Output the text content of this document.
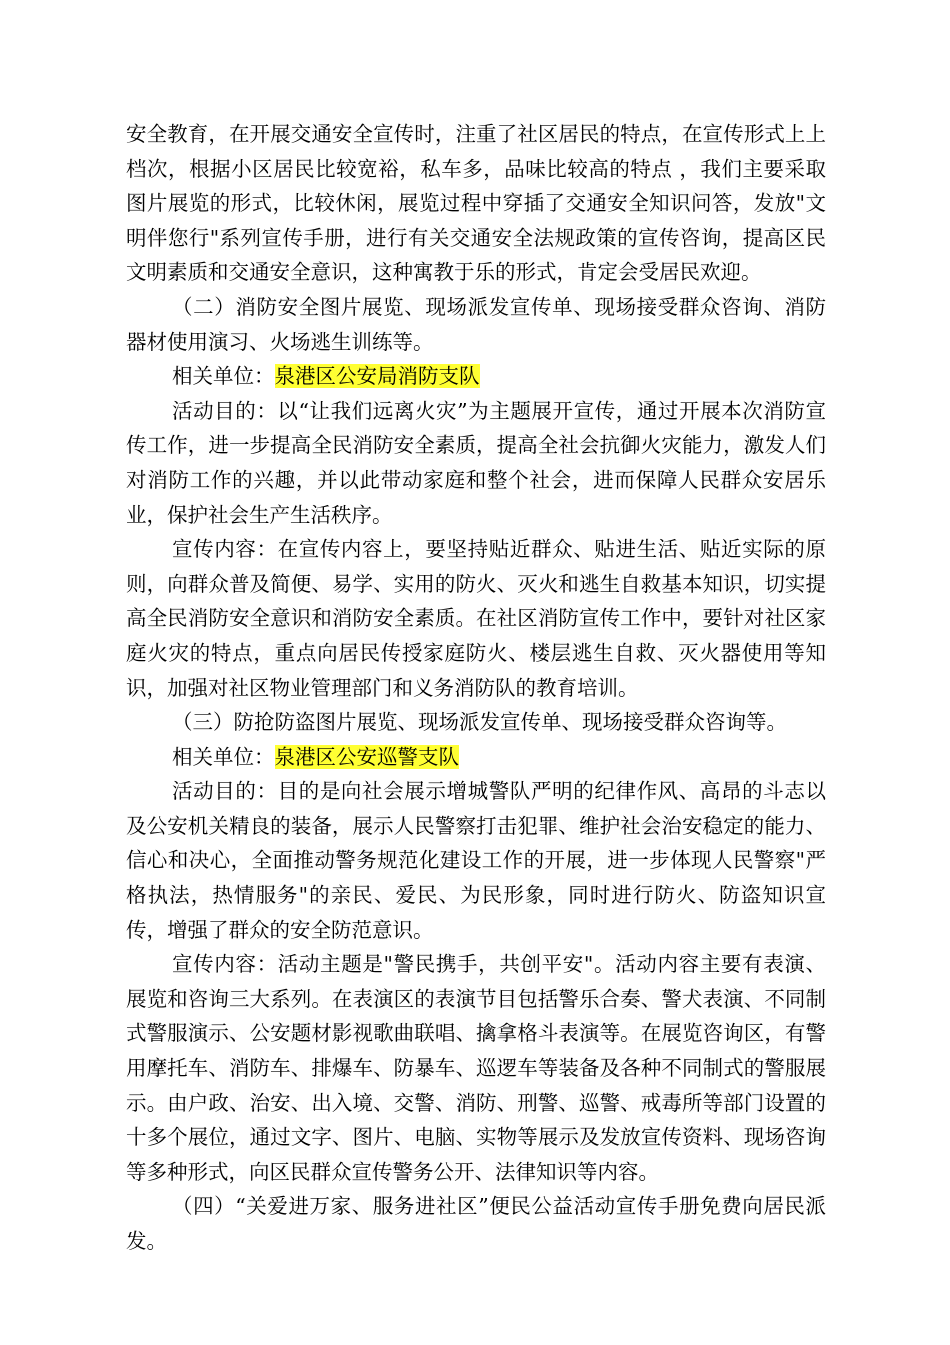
安全教育，在开展交通安全宣传时，注重了社区居民的特点，在宣传形式上上档次，根据小区居民比较宽裕，私车多，品味比较高的特点 ，我们主要采取图片展览的形式，比较休闲，展览过程中穿插了交通安全知识问答，发放"文明伴您行"系列宣传手册，进行有关交通安全法规政策的宣传咨询，提高区民文明素质和交通安全意识，这种寓教于乐的形式，肯定会受居民欢迎。

（二）消防安全图片展览、现场派发宣传单、现场接受群众咨询、消防器材使用演习、火场逃生训练等。

相关单位：泉港区公安局消防支队

活动目的：以“让我们远离火灾”为主题展开宣传，通过开展本次消防宣传工作，进一步提高全民消防安全素质，提高全社会抗御火灾能力，激发人们对消防工作的兴趣，并以此带动家庭和整个社会，进而保障人民群众安居乐业，保护社会生产生活秩序。

宣传内容：在宣传内容上，要坚持贴近群众、贴进生活、贴近实际的原则，向群众普及简便、易学、实用的防火、灭火和逃生自救基本知识，切实提高全民消防安全意识和消防安全素质。在社区消防宣传工作中，要针对社区家庭火灾的特点，重点向居民传授家庭防火、楼层逃生自救、灭火器使用等知识，加强对社区物业管理部门和义务消防队的教育培训。

（三）防抢防盗图片展览、现场派发宣传单、现场接受群众咨询等。

相关单位：泉港区公安巡警支队

活动目的：目的是向社会展示增城警队严明的纪律作风、高昂的斗志以及公安机关精良的装备，展示人民警察打击犯罪、维护社会治安稳定的能力、信心和决心，全面推动警务规范化建设工作的开展，进一步体现人民警察"严格执法，热情服务"的亲民、爱民、为民形象，同时进行防火、防盗知识宣传，增强了群众的安全防范意识。

宣传内容：活动主题是"警民携手，共创平安"。活动内容主要有表演、展览和咨询三大系列。在表演区的表演节目包括警乐合奏、警犬表演、不同制式警服演示、公安题材影视歌曲联唱、擒拿格斗表演等。在展览咨询区，有警用摩托车、消防车、排爆车、防暴车、巡逻车等装备及各种不同制式的警服展示。由户政、治安、出入境、交警、消防、刑警、巡警、戒毒所等部门设置的十多个展位，通过文字、图片、电脑、实物等展示及发放宣传资料、现场咨询等多种形式，向区民群众宣传警务公开、法律知识等内容。

（四）“关爱进万家、服务进社区”便民公益活动宣传手册免费向居民派发。
